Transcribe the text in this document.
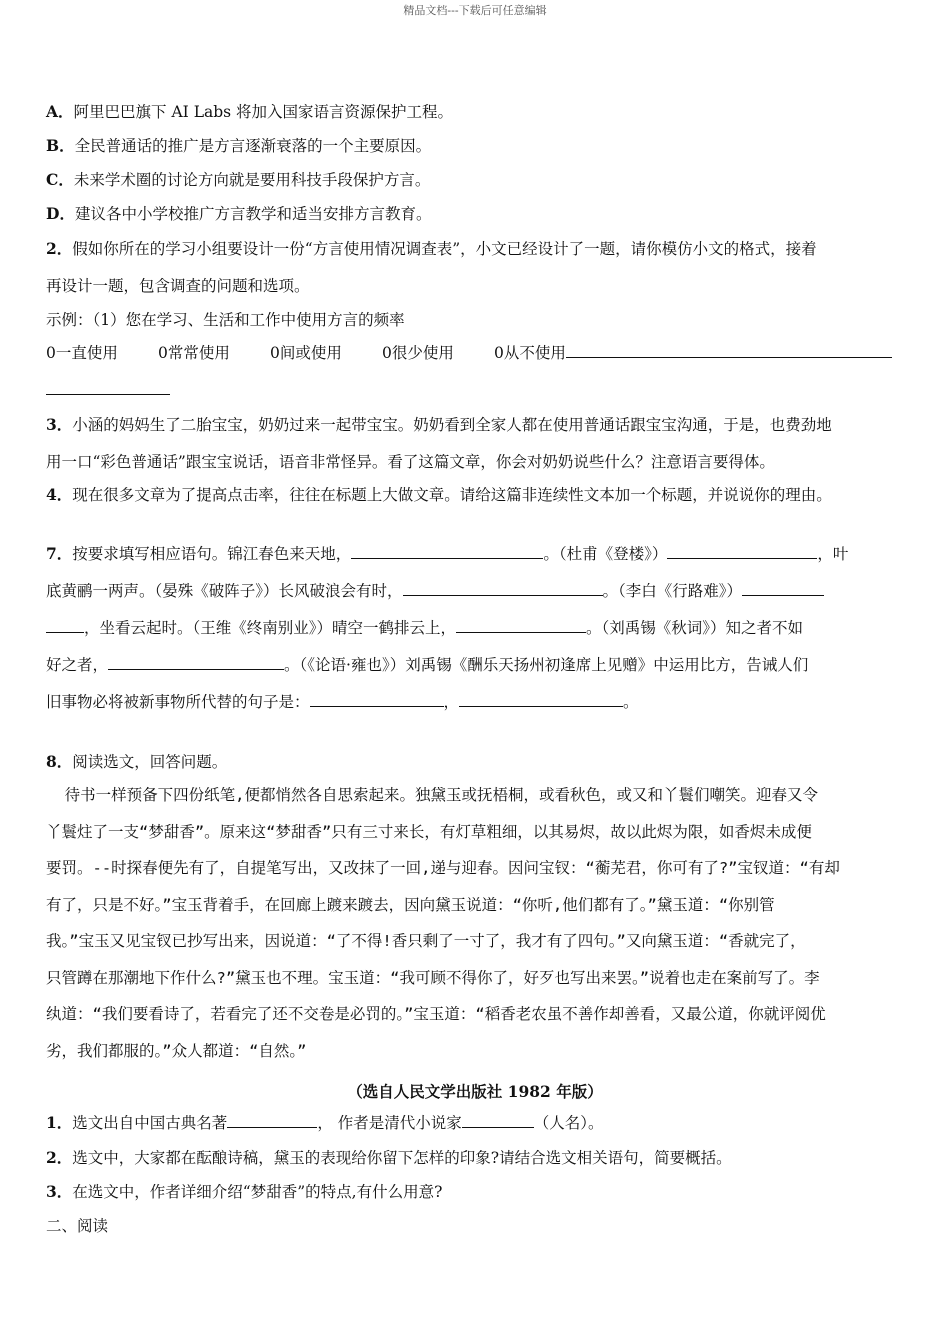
精品文档---下载后可任意编辑
A．阿里巴巴旗下 AI Labs 将加入国家语言资源保护工程。
B．全民普通话的推广是方言逐渐衰落的一个主要原因。
C．未来学术圈的讨论方向就是要用科技手段保护方言。
D．建议各中小学校推广方言教学和适当安排方言教育。
2．假如你所在的学习小组要设计一份“方言使用情况调查表”，小文已经设计了一题，请你模仿小文的格式，接着
再设计一题，包含调查的问题和选项。
示例：（1）您在学习、生活和工作中使用方言的频率
0一直使用	0常常使用	0间或使用	0很少使用	0从不使用
3．小涵的妈妈生了二胎宝宝，奶奶过来一起带宝宝。奶奶看到全家人都在使用普通话跟宝宝沟通，于是，也费劲地
用一口“彩色普通话”跟宝宝说话，语音非常怪异。看了这篇文章，你会对奶奶说些什么？注意语言要得体。
4．现在很多文章为了提高点击率，往往在标题上大做文章。请给这篇非连续性文本加一个标题，并说说你的理由。
7．按要求填写相应语句。锦江春色来天地，	。（杜甫《登楼》）	，叶
底黄鹂一两声。（晏殊《破阵子》）长风破浪会有时，	。（李白《行路难》）
，坐看云起时。（王维《终南别业》）晴空一鹤排云上，	。（刘禹锡《秋词》）知之者不如
好之者，	。（《论语·雍也》）刘禹锡《酬乐天扬州初逢席上见赠》中运用比方，告诫人们
旧事物必将被新事物所代替的句子是：	，	。
8．阅读选文，回答问题。
待书一样预备下四份纸笔,便都悄然各自思索起来。独黛玉或抚梧桐，或看秋色，或又和丫鬟们嘲笑。迎春又令
丫鬟炷了一支“梦甜香”。原来这“梦甜香”只有三寸来长，有灯草粗细，以其易烬，故以此烬为限，如香烬未成便
要罚。--时探春便先有了，自提笔写出，又改抹了一回,递与迎春。因问宝钗：“蘅芜君，你可有了?”宝钗道：“有却
有了，只是不好。”宝玉背着手，在回廊上踱来踱去，因向黛玉说道：“你听,他们都有了。”黛玉道：“你别管
我。”宝玉又见宝钗已抄写出来，因说道：“了不得!香只剩了一寸了，我才有了四句。”又向黛玉道：“香就完了，
只管蹲在那潮地下作什么?”黛玉也不理。宝玉道：“我可顾不得你了，好歹也写出来罢。”说着也走在案前写了。李
纨道：“我们要看诗了，若看完了还不交卷是必罚的。”宝玉道：“稻香老农虽不善作却善看，又最公道，你就评阅优
劣，我们都服的。”众人都道：“自然。”
（选自人民文学出版社 1982 年版）
1．选文出自中国古典名著	， 作者是清代小说家	（人名）。
2．选文中，大家都在酝酿诗稿，黛玉的表现给你留下怎样的印象?请结合选文相关语句，简要概括。
3．在选文中，作者详细介绍“梦甜香”的特点,有什么用意?
二、阅读
